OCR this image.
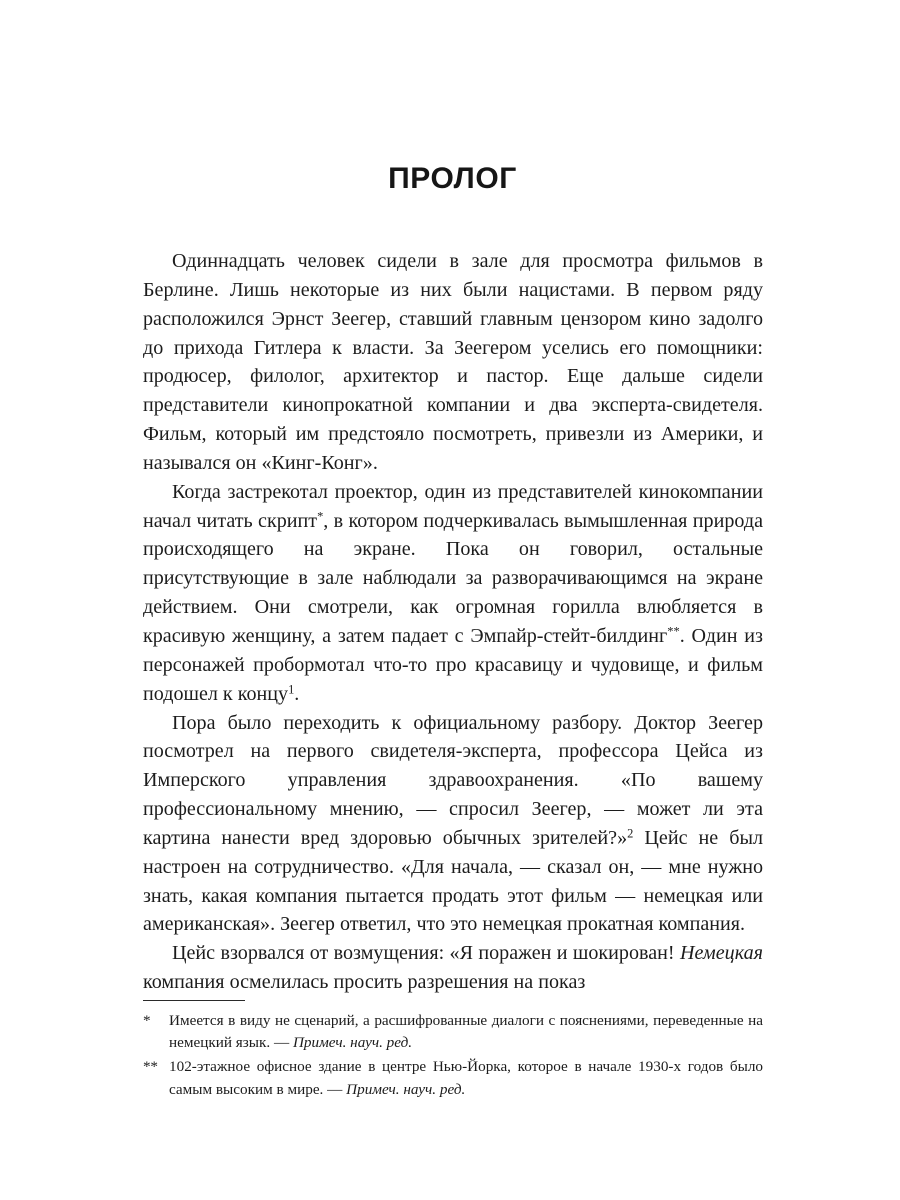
ПРОЛОГ

Одиннадцать человек сидели в зале для просмотра фильмов в Берлине. Лишь некоторые из них были нацистами. В первом ряду расположился Эрнст Зеегер, ставший главным цензором кино задолго до прихода Гитлера к власти. За Зеегером уселись его помощники: продюсер, филолог, архитектор и пастор. Еще дальше сидели представители кинопрокатной компании и два эксперта-свидетеля. Фильм, который им предстояло посмотреть, привезли из Америки, и назывался он «Кинг-Конг».

Когда застрекотал проектор, один из представителей кинокомпании начал читать скрипт*, в котором подчеркивалась вымышленная природа происходящего на экране. Пока он говорил, остальные присутствующие в зале наблюдали за разворачивающимся на экране действием. Они смотрели, как огромная горилла влюбляется в красивую женщину, а затем падает с Эмпайр-стейт-билдинг**. Один из персонажей пробормотал что-то про красавицу и чудовище, и фильм подошел к концу$^1$.

Пора было переходить к официальному разбору. Доктор Зеегер посмотрел на первого свидетеля-эксперта, профессора Цейса из Имперского управления здравоохранения. «По вашему профессиональному мнению, — спросил Зеегер, — может ли эта картина нанести вред здоровью обычных зрителей?»$^2$ Цейс не был настроен на сотрудничество. «Для начала, — сказал он, — мне нужно знать, какая компания пытается продать этот фильм — немецкая или американская». Зеегер ответил, что это немецкая прокатная компания.

Цейс взорвался от возмущения: «Я поражен и шокирован! Немецкая компания осмелилась просить разрешения на показ

*	Имеется в виду не сценарий, а расшифрованные диалоги с пояснениями, переведенные на немецкий язык. — Примеч. науч. ред.
** 102-этажное офисное здание в центре Нью-Йорка, которое в начале 1930-х годов было самым высоким в мире. — Примеч. науч. ред.
